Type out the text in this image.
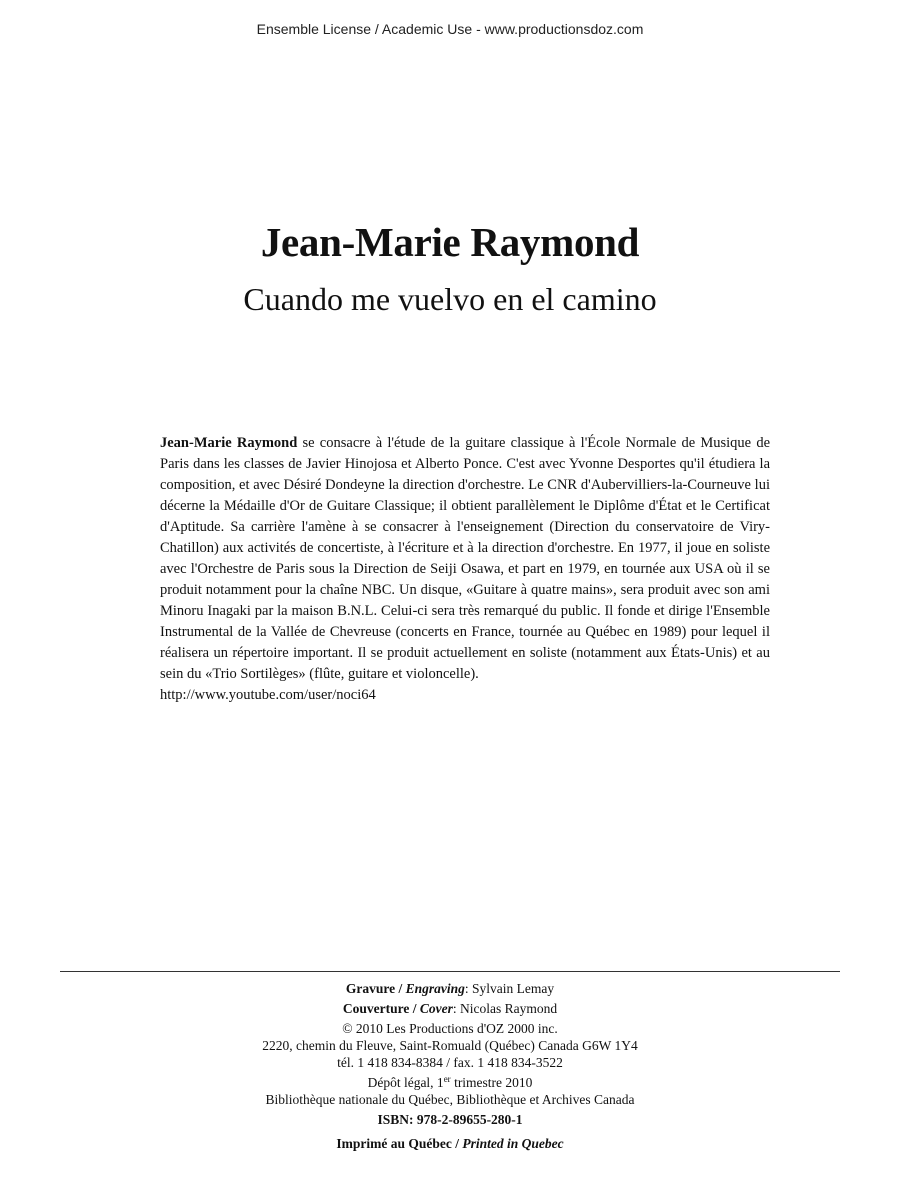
Ensemble License / Academic Use - www.productionsdoz.com
Jean-Marie Raymond
Cuando me vuelvo en el camino
Jean-Marie Raymond se consacre à l'étude de la guitare classique à l'École Normale de Musique de Paris dans les classes de Javier Hinojosa et Alberto Ponce. C'est avec Yvonne Desportes qu'il étudiera la composition, et avec Désiré Dondeyne la direction d'orchestre. Le CNR d'Aubervilliers-la-Courneuve lui décerne la Médaille d'Or de Guitare Classique; il obtient parallèlement le Diplôme d'État et le Certificat d'Aptitude. Sa carrière l'amène à se consacrer à l'enseignement (Direction du conservatoire de Viry-Chatillon) aux activités de concertiste, à l'écriture et à la direction d'orchestre. En 1977, il joue en soliste avec l'Orchestre de Paris sous la Direction de Seiji Osawa, et part en 1979, en tournée aux USA où il se produit notamment pour la chaîne NBC. Un disque, «Guitare à quatre mains», sera produit avec son ami Minoru Inagaki par la maison B.N.L. Celui-ci sera très remarqué du public. Il fonde et dirige l'Ensemble Instrumental de la Vallée de Chevreuse (concerts en France, tournée au Québec en 1989) pour lequel il réalisera un répertoire important. Il se produit actuellement en soliste (notamment aux États-Unis) et au sein du «Trio Sortilèges» (flûte, guitare et violoncelle).
http://www.youtube.com/user/noci64
Gravure / Engraving: Sylvain Lemay
Couverture / Cover: Nicolas Raymond
© 2010 Les Productions d'OZ 2000 inc.
2220, chemin du Fleuve, Saint-Romuald (Québec) Canada G6W 1Y4
tél. 1 418 834-8384 / fax. 1 418 834-3522
Dépôt légal, 1er trimestre 2010
Bibliothèque nationale du Québec, Bibliothèque et Archives Canada
ISBN: 978-2-89655-280-1
Imprimé au Québec / Printed in Quebec
